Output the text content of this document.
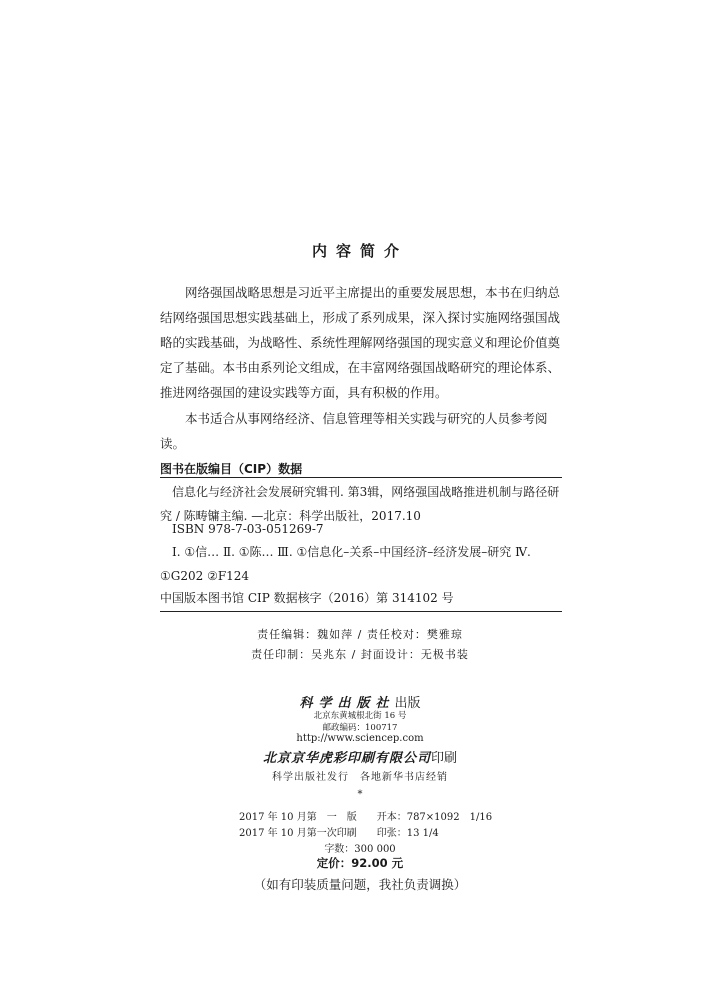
内容简介

网络强国战略思想是习近平主席提出的重要发展思想，本书在归纳总结网络强国思想实践基础上，形成了系列成果，深入探讨实施网络强国战略的实践基础，为战略性、系统性理解网络强国的现实意义和理论价值奠定了基础。本书由系列论文组成，在丰富网络强国战略研究的理论体系、推进网络强国的建设实践等方面，具有积极的作用。

本书适合从事网络经济、信息管理等相关实践与研究的人员参考阅读。

图书在版编目（CIP）数据

信息化与经济社会发展研究辑刊. 第3辑，网络强国战略推进机制与路径研究 / 陈畴镛主编. —北京：科学出版社，2017.10

ISBN 978-7-03-051269-7

Ⅰ. ①信… Ⅱ. ①陈… Ⅲ. ①信息化–关系–中国经济–经济发展–研究 Ⅳ. ①G202 ②F124

中国版本图书馆 CIP 数据核字（2016）第 314102 号

责任编辑：魏如萍 / 责任校对：樊雅琼
责任印制：吴兆东 / 封面设计：无极书装
科学出版社出版
北京东黄城根北街 16 号
邮政编码：100717
http://www.sciencep.com
北京京华虎彩印刷有限公司印刷
科学出版社发行　各地新华书店经销
*
2017 年 10 月第　一　版　　开本：787×1092　1/16
2017 年 10 月第一次印刷　　印张：13 1/4
字数：300 000
定价：92.00 元
（如有印装质量问题，我社负责调换）
